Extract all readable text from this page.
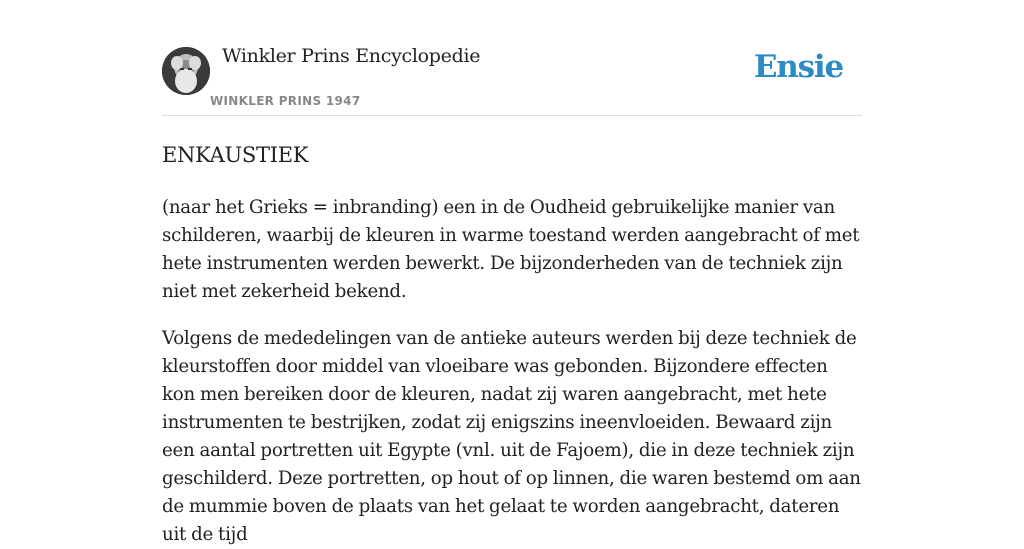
Winkler Prins Encyclopedie
WINKLER PRINS 1947
Ensie
ENKAUSTIEK

(naar het Grieks = inbranding) een in de Oudheid gebruikelijke manier van schilderen, waarbij de kleuren in warme toestand werden aangebracht of met hete instrumenten werden bewerkt. De bijzonderheden van de techniek zijn niet met zekerheid bekend.

Volgens de mededelingen van de antieke auteurs werden bij deze techniek de kleurstoffen door middel van vloeibare was gebonden. Bijzondere effecten kon men bereiken door de kleuren, nadat zij waren aangebracht, met hete instrumenten te bestrijken, zodat zij enigszins ineenvloeiden. Bewaard zijn een aantal portretten uit Egypte (vnl. uit de Fajoem), die in deze techniek zijn geschilderd. Deze portretten, op hout of op linnen, die waren bestemd om aan de mummie boven de plaats van het gelaat te worden aangebracht, dateren uit de tijd
